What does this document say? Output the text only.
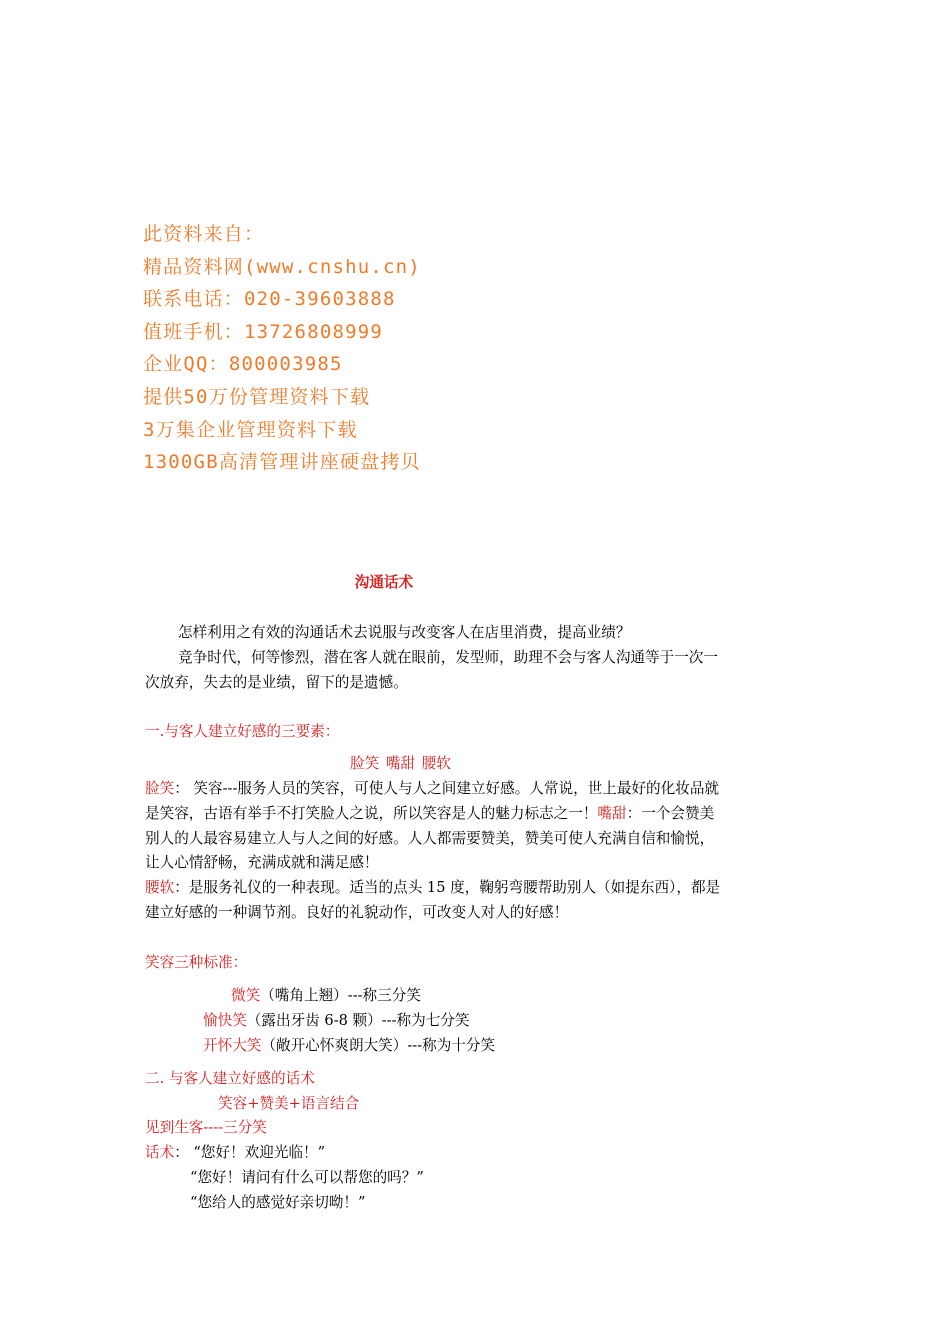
此资料来自：
精品资料网(www.cnshu.cn)
联系电话：020-39603888
值班手机：13726808999
企业QQ：800003985
提供50万份管理资料下载
3万集企业管理资料下载
1300GB高清管理讲座硬盘拷贝
沟通话术
怎样利用之有效的沟通话术去说服与改变客人在店里消费，提高业绩？
竞争时代，何等惨烈，潜在客人就在眼前，发型师，助理不会与客人沟通等于一次一
次放弃，失去的是业绩，留下的是遗憾。
一.与客人建立好感的三要素：
脸笑 嘴甜 腰软
脸笑： 笑容---服务人员的笑容，可使人与人之间建立好感。人常说，世上最好的化妆品就
是笑容，古语有举手不打笑脸人之说，所以笑容是人的魅力标志之一！嘴甜：一个会赞美
别人的人最容易建立人与人之间的好感。人人都需要赞美，赞美可使人充满自信和愉悦，
让人心情舒畅，充满成就和满足感！
腰软：是服务礼仪的一种表现。适当的点头 15 度，鞠躬弯腰帮助别人（如提东西），都是
建立好感的一种调节剂。良好的礼貌动作，可改变人对人的好感！
笑容三种标准：
微笑（嘴角上翘）---称三分笑
愉快笑（露出牙齿 6-8 颗）---称为七分笑
开怀大笑（敞开心怀爽朗大笑）---称为十分笑
二. 与客人建立好感的话术
笑容+赞美+语言结合
见到生客----三分笑
话术： “您好！欢迎光临！”
“您好！请问有什么可以帮您的吗？”
“您给人的感觉好亲切呦！”
